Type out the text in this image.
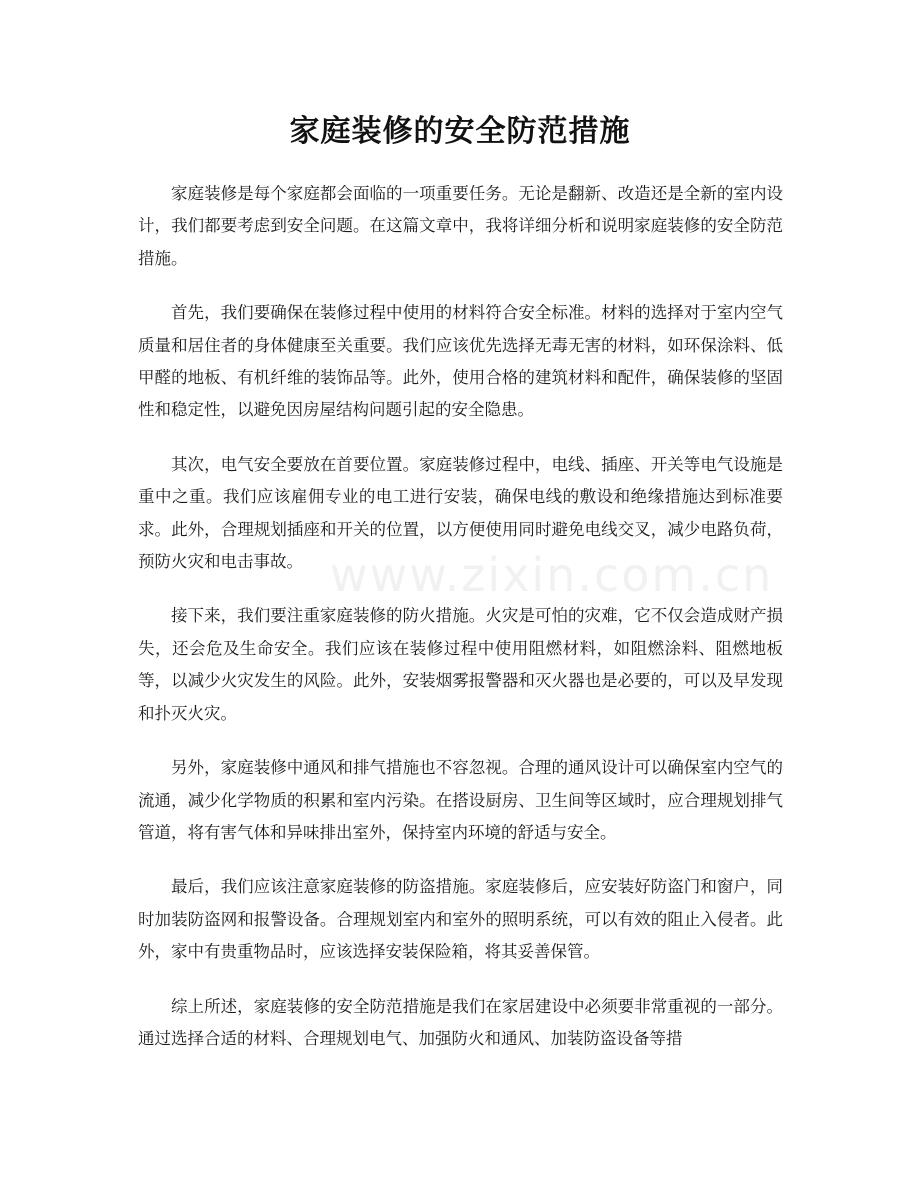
家庭装修的安全防范措施

家庭装修是每个家庭都会面临的一项重要任务。无论是翻新、改造还是全新的室内设计，我们都要考虑到安全问题。在这篇文章中，我将详细分析和说明家庭装修的安全防范措施。

首先，我们要确保在装修过程中使用的材料符合安全标准。材料的选择对于室内空气质量和居住者的身体健康至关重要。我们应该优先选择无毒无害的材料，如环保涂料、低甲醛的地板、有机纤维的装饰品等。此外，使用合格的建筑材料和配件，确保装修的坚固性和稳定性，以避免因房屋结构问题引起的安全隐患。

其次，电气安全要放在首要位置。家庭装修过程中，电线、插座、开关等电气设施是重中之重。我们应该雇佣专业的电工进行安装，确保电线的敷设和绝缘措施达到标准要求。此外，合理规划插座和开关的位置，以方便使用同时避免电线交叉，减少电路负荷，预防火灾和电击事故。

接下来，我们要注重家庭装修的防火措施。火灾是可怕的灾难，它不仅会造成财产损失，还会危及生命安全。我们应该在装修过程中使用阻燃材料，如阻燃涂料、阻燃地板等，以减少火灾发生的风险。此外，安装烟雾报警器和灭火器也是必要的，可以及早发现和扑灭火灾。

另外，家庭装修中通风和排气措施也不容忽视。合理的通风设计可以确保室内空气的流通，减少化学物质的积累和室内污染。在搭设厨房、卫生间等区域时，应合理规划排气管道，将有害气体和异味排出室外，保持室内环境的舒适与安全。

最后，我们应该注意家庭装修的防盗措施。家庭装修后，应安装好防盗门和窗户，同时加装防盗网和报警设备。合理规划室内和室外的照明系统，可以有效的阻止入侵者。此外，家中有贵重物品时，应该选择安装保险箱，将其妥善保管。

综上所述，家庭装修的安全防范措施是我们在家居建设中必须要非常重视的一部分。通过选择合适的材料、合理规划电气、加强防火和通风、加装防盗设备等措

www.zixin.com.cn
